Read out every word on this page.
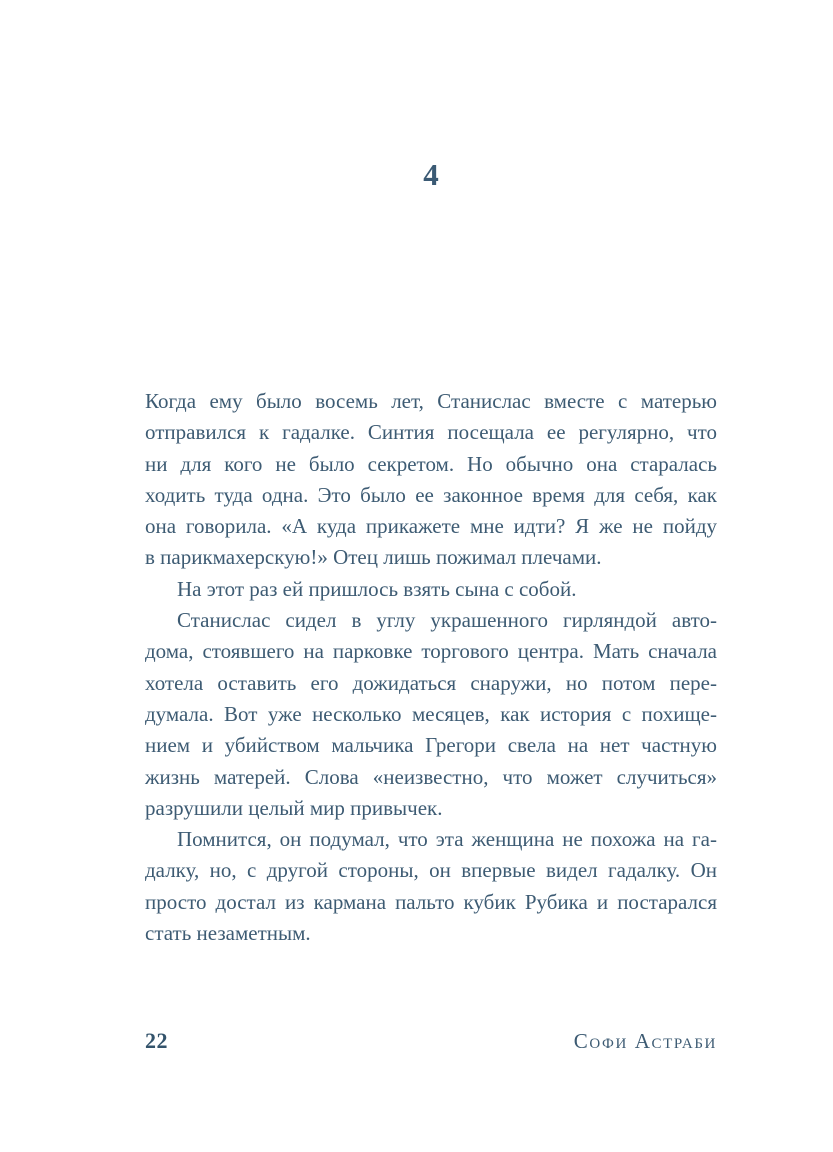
4
Когда ему было восемь лет, Станислас вместе с матерью
отправился к гадалке. Синтия посещала ее регулярно, что
ни для кого не было секретом. Но обычно она старалась
ходить туда одна. Это было ее законное время для себя, как
она говорила. «А куда прикажете мне идти? Я же не пойду
в парикмахерскую!» Отец лишь пожимал плечами.
На этот раз ей пришлось взять сына с собой.
Станислас сидел в углу украшенного гирляндой авто-
дома, стоявшего на парковке торгового центра. Мать сначала
хотела оставить его дожидаться снаружи, но потом пере-
думала. Вот уже несколько месяцев, как история с похище-
нием и убийством мальчика Грегори свела на нет частную
жизнь матерей. Слова «неизвестно, что может случиться»
разрушили целый мир привычек.
Помнится, он подумал, что эта женщина не похожа на га-
далку, но, с другой стороны, он впервые видел гадалку. Он
просто достал из кармана пальто кубик Рубика и постарался
стать незаметным.
22	Софи Астраби
